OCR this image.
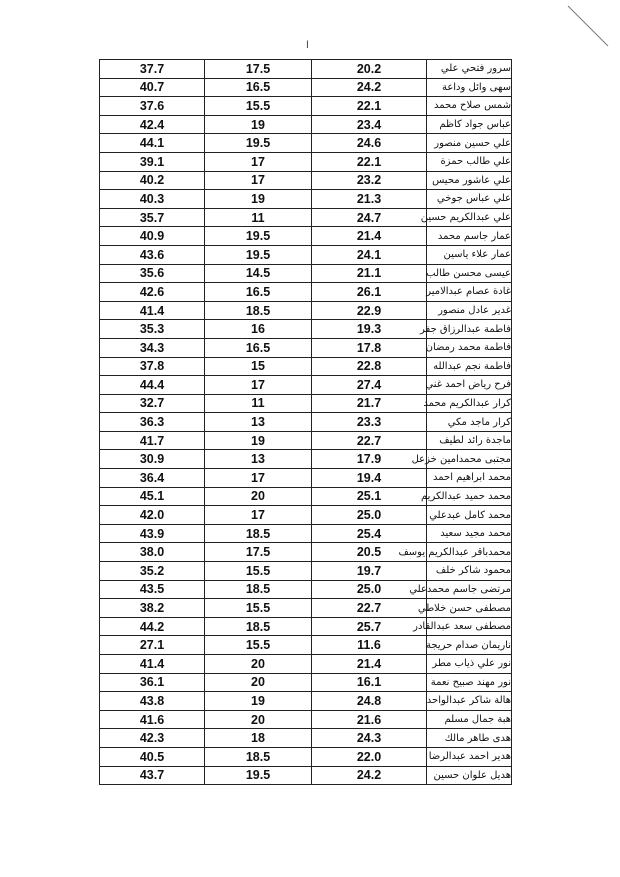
ا
37.7	17.5	20.2	سرور فتحي علي
40.7	16.5	24.2	سهى وائل وداعة
37.6	15.5	22.1	شمس صلاح محمد
42.4	19	23.4	عباس جواد كاظم
44.1	19.5	24.6	علي حسين منصور
39.1	17	22.1	علي طالب حمزة
40.2	17	23.2	علي عاشور محيس
40.3	19	21.3	علي عباس جوخي
35.7	11	24.7	علي عبدالكريم حسين
40.9	19.5	21.4	عمار جاسم محمد
43.6	19.5	24.1	عمار علاء ياسين
35.6	14.5	21.1	عيسى محسن طالب
42.6	16.5	26.1	غادة عصام عبدالامير
41.4	18.5	22.9	غدير عادل منصور
35.3	16	19.3	فاطمة عبدالرزاق جفر
34.3	16.5	17.8	فاطمة محمد رمضان
37.8	15	22.8	فاطمة نجم عبدالله
44.4	17	27.4	فرح رياض احمد غني
32.7	11	21.7	كرار عبدالكريم محمد
36.3	13	23.3	كرار ماجد مكي
41.7	19	22.7	ماجدة رائد لطيف
30.9	13	17.9	مجتبى محمدامين خزعل
36.4	17	19.4	محمد ابراهيم احمد
45.1	20	25.1	محمد حميد عبدالكريم
42.0	17	25.0	محمد كامل عبدعلي
43.9	18.5	25.4	محمد مجيد سعيد
38.0	17.5	20.5	محمدباقر عبدالكريم يوسف
35.2	15.5	19.7	محمود شاكر خلف
43.5	18.5	25.0	مرتضى جاسم محمدعلي
38.2	15.5	22.7	مصطفى حسن خلاطي
44.2	18.5	25.7	مصطفى سعد عبدالقادر
27.1	15.5	11.6	ناريمان صدام حريجة
41.4	20	21.4	نور علي ذياب مطر
36.1	20	16.1	نور مهند صبيح نعمة
43.8	19	24.8	هالة شاكر عبدالواحد
41.6	20	21.6	هبة جمال مسلم
42.3	18	24.3	هدى طاهر مالك
40.5	18.5	22.0	هدير احمد عبدالرضا
43.7	19.5	24.2	هديل علوان حسين
